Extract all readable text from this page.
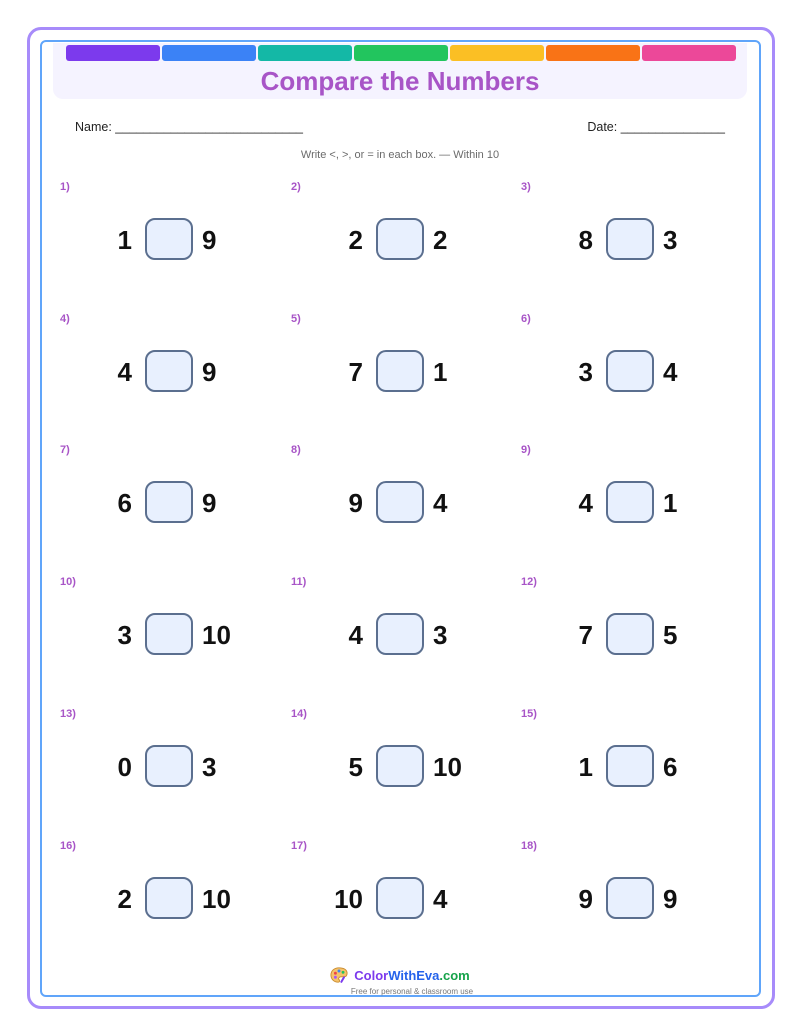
Compare the Numbers
Name: ___________________________	Date: _______________
Write <, >, or = in each box. — Within 10
1)
1	9
2)
2	2
3)
8	3
4)
4	9
5)
7	1
6)
3	4
7)
6	9
8)
9	4
9)
4	1
10)
3	10
11)
4	3
12)
7	5
13)
0	3
14)
5	10
15)
1	6
16)
2	10
17)
10	4
18)
9	9
ColorWithEva.com
Free for personal & classroom use
